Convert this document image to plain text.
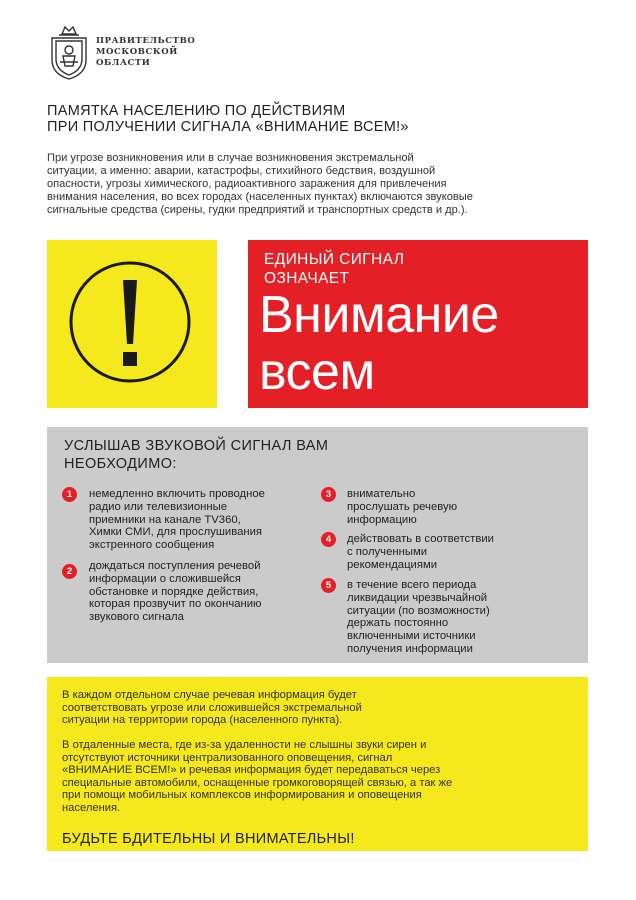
ПРАВИТЕЛЬСТВО
МОСКОВСКОЙ
ОБЛАСТИ
ПАМЯТКА НАСЕЛЕНИЮ ПО ДЕЙСТВИЯМ
ПРИ ПОЛУЧЕНИИ СИГНАЛА «ВНИМАНИЕ ВСЕМ!»
При угрозе возникновения или в случае возникновения экстремальной
ситуации, а именно: аварии, катастрофы, стихийного бедствия, воздушной
опасности, угрозы химического, радиоактивного заражения для привлечения
внимания населения, во всех городах (населенных пунктах) включаются звуковые
сигнальные средства (сирены, гудки предприятий и транспортных средств и др.).
ЕДИНЫЙ СИГНАЛ
ОЗНАЧАЕТ
Внимание
всем
УСЛЫШАВ ЗВУКОВОЙ СИГНАЛ ВАМ
НЕОБХОДИМО:
1	немедленно включить проводное
радио или телевизионные
приемники на канале TV360,
Химки СМИ, для прослушивания
экстренного сообщения
2	дождаться поступления речевой
информации о сложившейся
обстановке и порядке действия,
которая прозвучит по окончанию
звукового сигнала
3	внимательно
прослушать речевую
информацию
4	действовать в соответствии
с полученными
рекомендациями
5	в течение всего периода
ликвидации чрезвычайной
ситуации (по возможности)
держать постоянно
включенными источники
получения информации
В каждом отдельном случае речевая информация будет
соответствовать угрозе или сложившейся экстремальной
ситуации на территории города (населенного пункта).
В отдаленные места, где из-за удаленности не слышны звуки сирен и
отсутствуют источники централизованного оповещения, сигнал
«ВНИМАНИЕ ВСЕМ!» и речевая информация будет передаваться через
специальные автомобили, оснащенные громкоговорящей связью, а так же
при помощи мобильных комплексов информирования и оповещения
населения.
БУДЬТЕ БДИТЕЛЬНЫ И ВНИМАТЕЛЬНЫ!
